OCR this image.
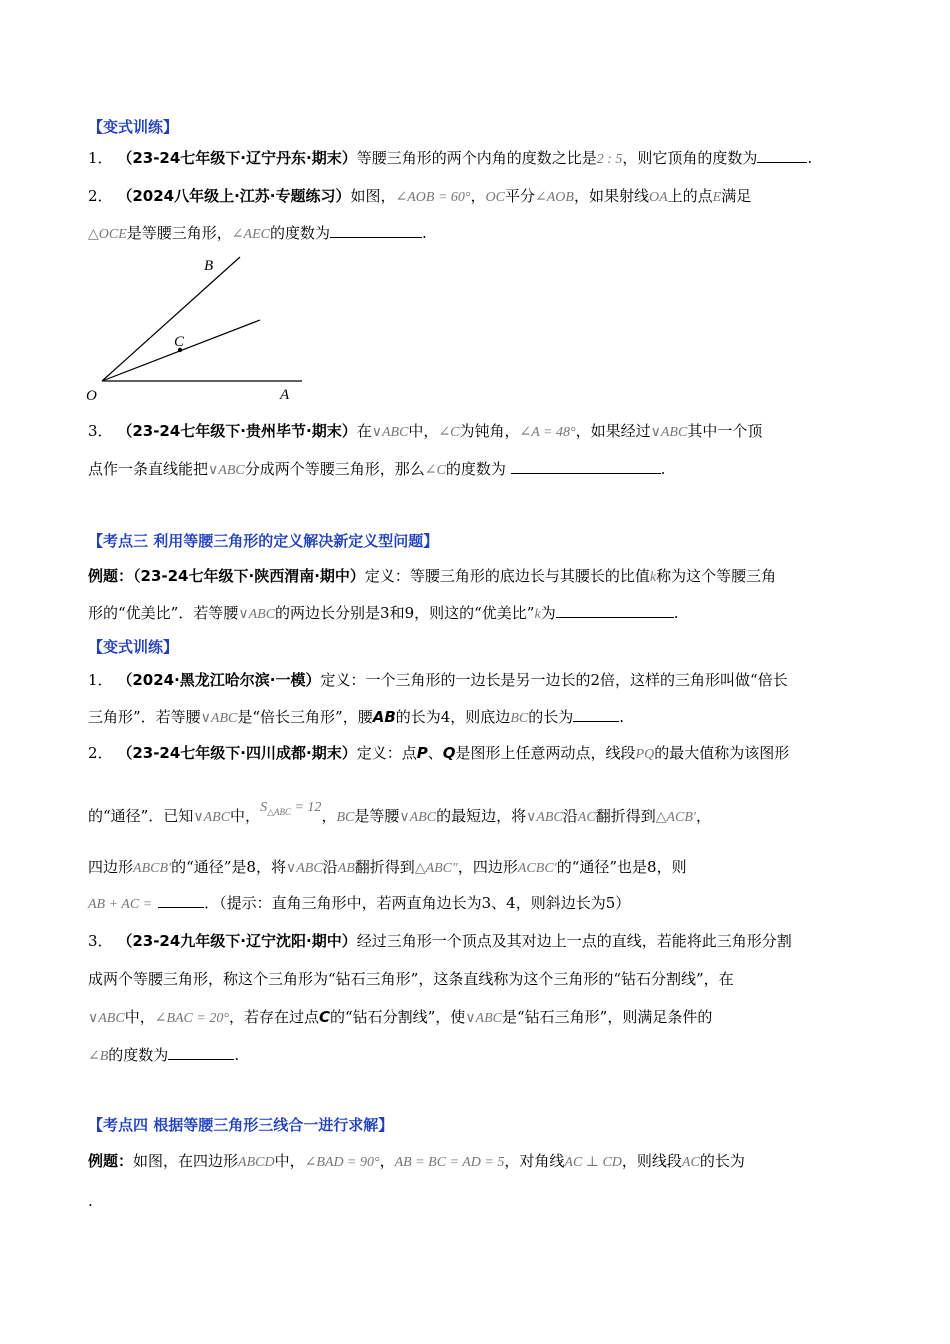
【变式训练】
1． （23-24七年级下·辽宁丹东·期末）等腰三角形的两个内角的度数之比是2 : 5，则它顶角的度数为	.
2． （2024八年级上·江苏·专题练习）如图，∠AOB = 60°，OC平分∠AOB，如果射线OA上的点E满足
△OCE是等腰三角形，∠AEC的度数为	.
B
C
O	A
3． （23-24七年级下·贵州毕节·期末）在∨ABC中，∠C为钝角，∠A = 48°，如果经过∨ABC其中一个顶
点作一条直线能把∨ABC分成两个等腰三角形，那么∠C的度数为	.
【考点三 利用等腰三角形的定义解决新定义型问题】
例题：（23-24七年级下·陕西渭南·期中）定义：等腰三角形的底边长与其腰长的比值k称为这个等腰三角
形的“优美比”．若等腰∨ABC的两边长分别是3和9，则这的“优美比”k为	.
【变式训练】
1． （2024·黑龙江哈尔滨·一模）定义：一个三角形的一边长是另一边长的2倍，这样的三角形叫做“倍长
三角形”．若等腰∨ABC是“倍长三角形”，腰AB的长为4，则底边BC的长为	.
2． （23-24七年级下·四川成都·期末）定义：点P、Q是图形上任意两动点，线段PQ的最大值称为该图形
的“通径”．已知∨ABC中，$S_{\triangle ABC} = 12$，BC是等腰∨ABC的最短边，将∨ABC沿AC翻折得到△ACB′，
四边形ABCB′的“通径”是8，将∨ABC沿AB翻折得到△ABC″，四边形ACBC′的“通径”也是8，则
AB + AC =	．（提示：直角三角形中，若两直角边长为3、4，则斜边长为5）
3． （23-24九年级下·辽宁沈阳·期中）经过三角形一个顶点及其对边上一点的直线，若能将此三角形分割
成两个等腰三角形，称这个三角形为“钻石三角形”，这条直线称为这个三角形的“钻石分割线”，在
∨ABC中，∠BAC = 20°，若存在过点C的“钻石分割线”，使∨ABC是“钻石三角形”，则满足条件的
∠B的度数为	.
【考点四 根据等腰三角形三线合一进行求解】
例题：如图，在四边形ABCD中，∠BAD = 90°，AB = BC = AD = 5，对角线AC ⊥ CD，则线段AC的长为
.
